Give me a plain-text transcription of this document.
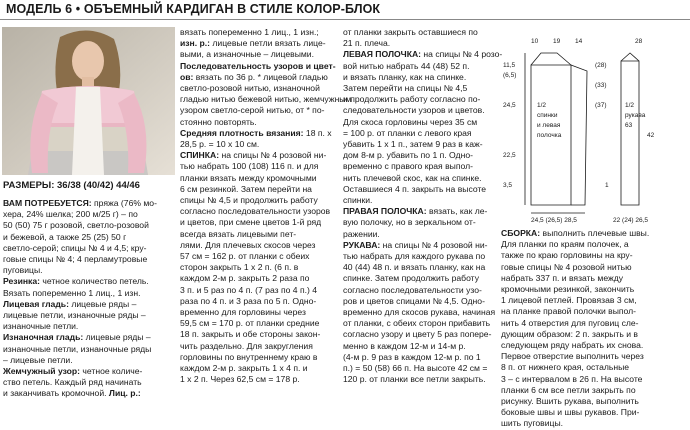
МОДЕЛЬ 6 • ОБЪЕМНЫЙ КАРДИГАН В СТИЛЕ КОЛОР-БЛОК
РАЗМЕРЫ: 36/38 (40/42) 44/46

ВАМ ПОТРЕБУЕТСЯ: пряжа (76% мо-

хера, 24% шелка; 200 м/25 г) – по

50 (50) 75 г розовой, светло-розовой

и бежевой, а также 25 (25) 50 г

светло-серой; спицы № 4 и 4,5; кру-

говые спицы № 4; 4 перламутровые

пуговицы.

Резинка: четное количество петель.

Вязать попеременно 1 лиц., 1 изн.

Лицевая гладь: лицевые ряды –

лицевые петли, изнаночные ряды –

изнаночные петли.

Изнаночная гладь: лицевые ряды –

изнаночные петли, изнаночные ряды

– лицевые петли.

Жемчужный узор: четное количе-

ство петель. Каждый ряд начинать

и заканчивать кромочной. Лиц. р.:

вязать попеременно 1 лиц., 1 изн.;

изн. р.: лицевые петли вязать лице-

выми, а изнаночные – лицевыми.

Последовательность узоров и цвет-

ов: вязать по 36 р. * лицевой гладью

светло-розовой нитью, изнаночной

гладью нитью бежевой нитью, жемчужным

узором светло-серой нитью, от * по-

стоянно повторять.

Средняя плотность вязания: 18 п. х

28,5 р. = 10 х 10 см.

СПИНКА: на спицы № 4 розовой ни-

тью набрать 100 (108) 116 п. и для

планки вязать между кромочными

6 см резинкой. Затем перейти на

спицы № 4,5 и продолжить работу

согласно последовательности узоров

и цветов, при смене цветов 1-й ряд

всегда вязать лицевыми пет-

лями. Для плечевых скосов через

57 см = 162 р. от планки с обеих

сторон закрыть 1 х 2 п. (6 п. в

каждом 2-м р. закрыть 2 раза по

3 п. и 5 раз по 4 п. (7 раз по 4 п.) 4

раза по 4 п. и 3 раза по 5 п. Одно-

временно для горловины через

59,5 см = 170 р. от планки средние

18 п. закрыть и обе стороны закон-

чить раздельно. Для закругления

горловины по внутреннему краю в

каждом 2-м р. закрыть 1 х 4 п. и

1 х 2 п. Через 62,5 см = 178 р.

от планки закрыть оставшиеся по

21 п. плеча.

ЛЕВАЯ ПОЛОЧКА: на спицы № 4 розо-

вой нитью набрать 44 (48) 52 п.

и вязать планку, как на спинке.

Затем перейти на спицы № 4,5

и продолжить работу согласно по-

следовательности узоров и цветов.

Для скоса горловины через 35 см

= 100 р. от планки с левого края

убавить 1 х 1 п., затем 9 раз в каж-

дом 8-м р. убавить по 1 п. Одно-

временно с правого края выпол-

нить плечевой скос, как на спинке.

Оставшиеся 4 п. закрыть на высоте

спинки.

ПРАВАЯ ПОЛОЧКА: вязать, как ле-

вую полочку, но в зеркальном от-

ражении.

РУКАВА: на спицы № 4 розовой ни-

тью набрать для каждого рукава по

40 (44) 48 п. и вязать планку, как на

спинке. Затем продолжить работу

согласно последовательности узо-

ров и цветов спицами № 4,5. Одно-

временно для скосов рукава, начиная

от планки, с обеих сторон прибавить

согласно узору и цвету 5 раз попере-

менно в каждом 12-м и 14-м р.

(4-м р. 9 раз в каждом 12-м р. по 1

п.) = 50 (58) 66 п. На высоте 42 см =

120 р. от планки все петли закрыть.

10 19 14	28
1/2
спинки
и левая
полочка
1/2
рукава
63
42
24,5
22,5
24,5 (26,5) 28,5	22 (24) 26,5
(28)
(33)
(37)
11,5
(6,5)
3,5	1

СБОРКА: выполнить плечевые швы.

Для планки по краям полочек, а

также по краю горловины на кру-

говые спицы № 4 розовой нитью

набрать 337 п. и вязать между

кромочными резинкой, закончить

1 лицевой петлей. Провязав 3 см,

на планке правой полочки выпол-

нить 4 отверстия для пуговиц сле-

дующим образом: 2 п. закрыть и в

следующем ряду набрать их снова.

Первое отверстие выполнить через

8 п. от нижнего края, остальные

3 – с интервалом в 26 п. На высоте

планки 6 см все петли закрыть по

рисунку. Вшить рукава, выполнить

боковые швы и швы рукавов. При-

шить пуговицы.
